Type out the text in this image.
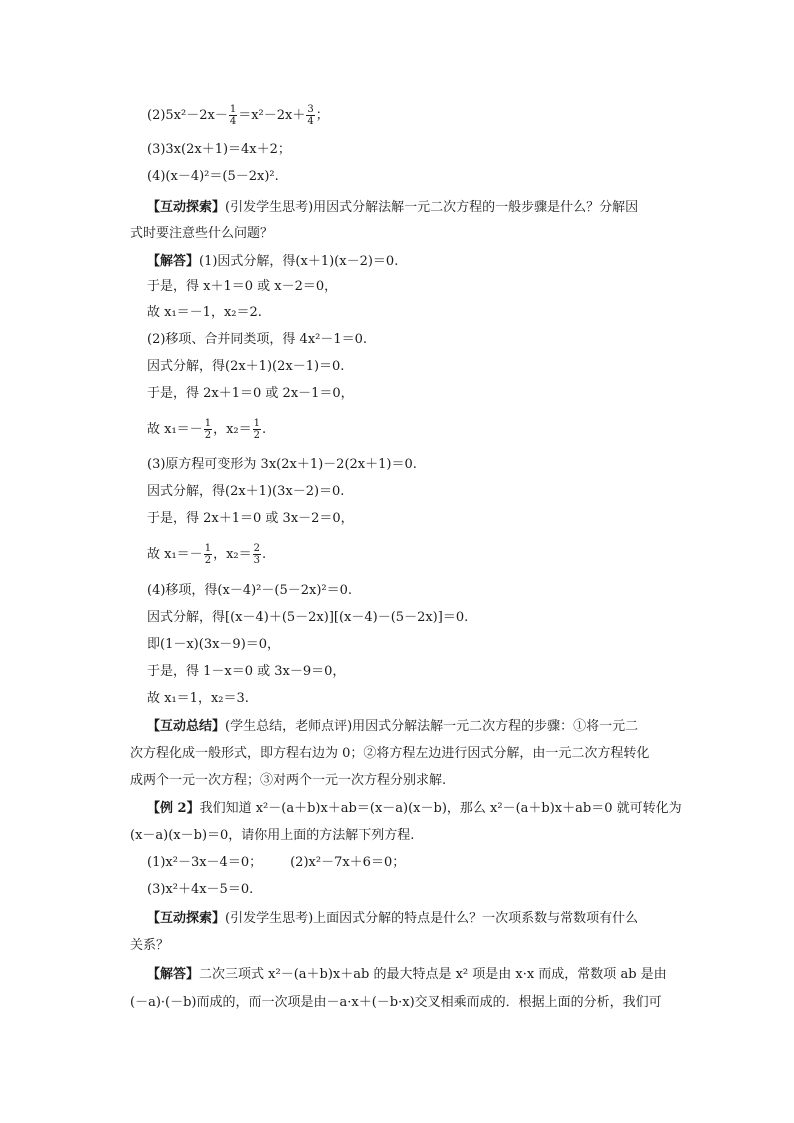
$(2)5x^2-2x- \frac{1}{4} =x^2-2x+ \frac{3}{4}$ ；
(3)3x(2x＋1)＝4x＋2；
(4)(x－4)²＝(5－2x)².
【互动探索】(引发学生思考)用因式分解法解一元二次方程的一般步骤是什么？分解因
式时要注意些什么问题？
【解答】(1)因式分解，得(x＋1)(x－2)＝0.
于是，得 x＋1＝0 或 x－2＝0，
故 x₁＝－1，x₂＝2.
(2)移项、合并同类项，得 4x²－1＝0.
因式分解，得(2x＋1)(2x－1)＝0.
于是，得 2x＋1＝0 或 2x－1＝0，
故 $x_1=- \frac{1}{2}$ ，$x_2= \frac{1}{2}$ .
(3)原方程可变形为 3x(2x＋1)－2(2x＋1)＝0.
因式分解，得(2x＋1)(3x－2)＝0.
于是，得 2x＋1＝0 或 3x－2＝0，
故 $x_1=- \frac{1}{2}$ ，$x_2= \frac{2}{3}$ .
(4)移项，得(x－4)²－(5－2x)²＝0.
因式分解，得[(x－4)＋(5－2x)][(x－4)－(5－2x)]＝0.
即(1－x)(3x－9)＝0，
于是，得 1－x＝0 或 3x－9＝0，
故 x₁＝1，x₂＝3.
【互动总结】(学生总结，老师点评)用因式分解法解一元二次方程的步骤：①将一元二
次方程化成一般形式，即方程右边为 0；②将方程左边进行因式分解，由一元二次方程转化
成两个一元一次方程；③对两个一元一次方程分别求解.
【例 2】我们知道 x²－(a＋b)x＋ab＝(x－a)(x－b)，那么 x²－(a＋b)x＋ab＝0 就可转化为
(x－a)(x－b)＝0，请你用上面的方法解下列方程.
(1)x²－3x－4＝0； (2)x²－7x＋6＝0；
(3)x²＋4x－5＝0.
【互动探索】(引发学生思考)上面因式分解的特点是什么？一次项系数与常数项有什么
关系？
【解答】二次三项式 x²－(a＋b)x＋ab 的最大特点是 x² 项是由 x·x 而成，常数项 ab 是由
(－a)·(－b)而成的，而一次项是由－a·x＋(－b·x)交叉相乘而成的．根据上面的分析，我们可
